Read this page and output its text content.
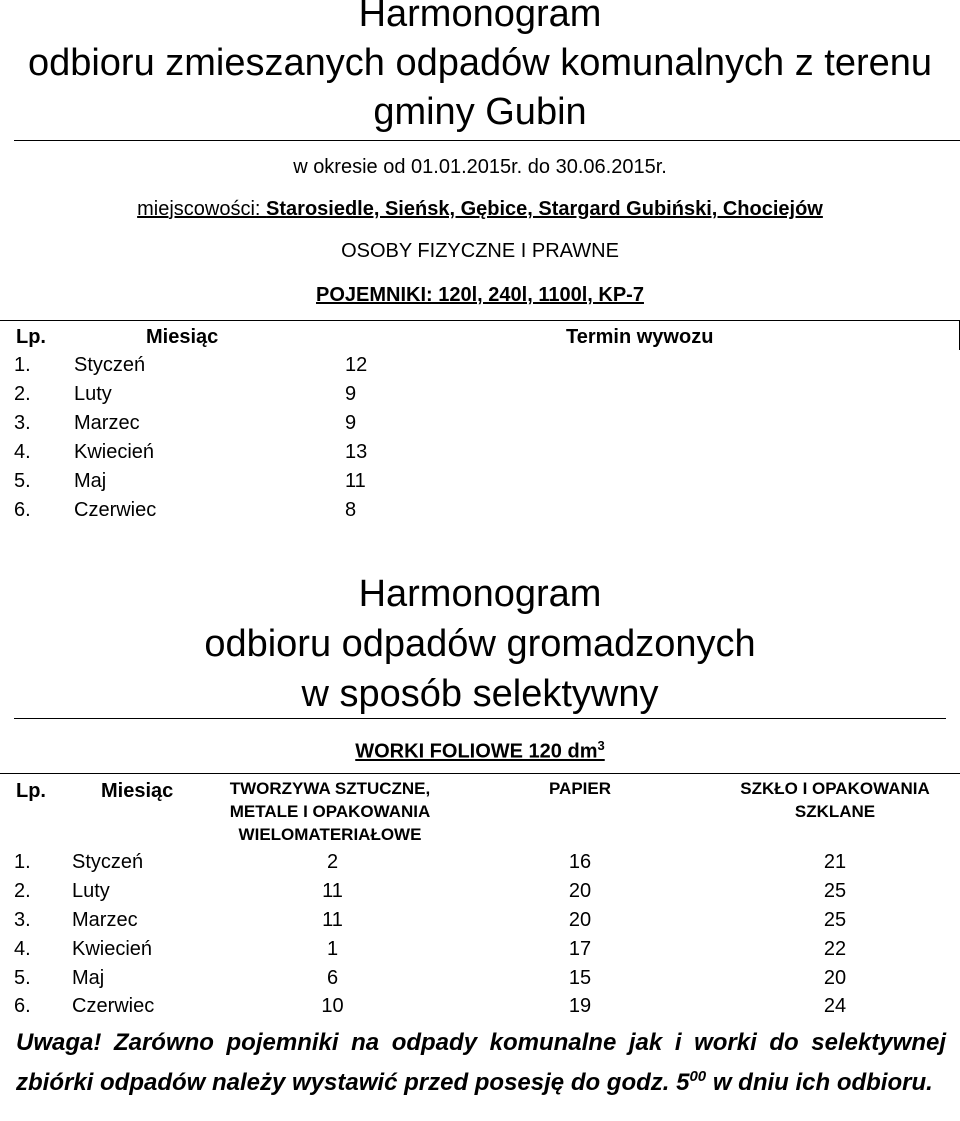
Harmonogram
odbioru zmieszanych odpadów komunalnych z terenu
gminy Gubin
w okresie od 01.01.2015r. do 30.06.2015r.
miejscowości: Starosiedle, Sieńsk, Gębice, Stargard Gubiński, Chociejów
OSOBY FIZYCZNE I PRAWNE
POJEMNIKI: 120l, 240l, 1100l, KP-7
Lp.	Miesiąc	Termin wywozu
1. Styczeń	12
2. Luty	9
3. Marzec	9
4. Kwiecień	13
5. Maj	11
6. Czerwiec	8
Harmonogram
odbioru odpadów gromadzonych
w sposób selektywny
WORKI FOLIOWE 120 $dm^3$
Lp.	Miesiąc	TWORZYWA SZTUCZNE,
METALE I OPAKOWANIA
WIELOMATERIAŁOWE
PAPIER	SZKŁO I OPAKOWANIA
SZKLANE
1. Styczeń	2	16	21
2. Luty	11	20	25
3. Marzec	11	20	25
4. Kwiecień	1	17	22
5. Maj	6	15	20
6. Czerwiec	10	19	24
Uwaga! Zarówno pojemniki na odpady komunalne jak i worki do selektywnej zbiórki odpadów należy wystawić przed posesję do godz. $5^{00}$ w dniu ich odbioru.
